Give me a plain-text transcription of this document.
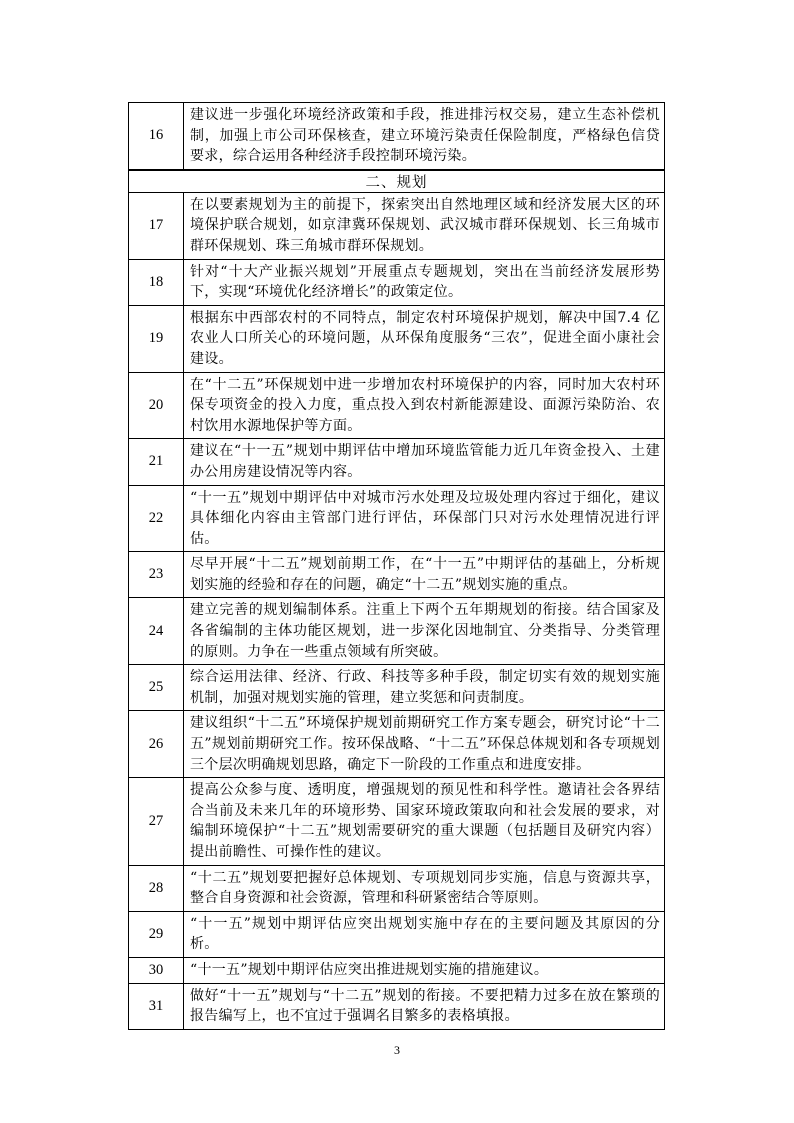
16	建议进一步强化环境经济政策和手段，推进排污权交易，建立生态补偿机制，加强上市公司环保核查，建立环境污染责任保险制度，严格绿色信贷要求，综合运用各种经济手段控制环境污染。
二、规划	
17	在以要素规划为主的前提下，探索突出自然地理区域和经济发展大区的环境保护联合规划，如京津冀环保规划、武汉城市群环保规划、长三角城市群环保规划、珠三角城市群环保规划。
18	针对“十大产业振兴规划”开展重点专题规划，突出在当前经济发展形势下，实现“环境优化经济增长”的政策定位。
19	根据东中西部农村的不同特点，制定农村环境保护规划，解决中国7.4 亿农业人口所关心的环境问题，从环保角度服务“三农”，促进全面小康社会建设。
20	在“十二五”环保规划中进一步增加农村环境保护的内容，同时加大农村环保专项资金的投入力度，重点投入到农村新能源建设、面源污染防治、农村饮用水源地保护等方面。
21	建议在“十一五”规划中期评估中增加环境监管能力近几年资金投入、土建办公用房建设情况等内容。
22	“十一五”规划中期评估中对城市污水处理及垃圾处理内容过于细化，建议具体细化内容由主管部门进行评估，环保部门只对污水处理情况进行评估。
23	尽早开展“十二五”规划前期工作，在“十一五”中期评估的基础上，分析规划实施的经验和存在的问题，确定“十二五”规划实施的重点。
24	建立完善的规划编制体系。注重上下两个五年期规划的衔接。结合国家及各省编制的主体功能区规划，进一步深化因地制宜、分类指导、分类管理的原则。力争在一些重点领域有所突破。
25	综合运用法律、经济、行政、科技等多种手段，制定切实有效的规划实施机制，加强对规划实施的管理，建立奖惩和问责制度。
26	建议组织“十二五”环境保护规划前期研究工作方案专题会，研究讨论“十二五”规划前期研究工作。按环保战略、“十二五”环保总体规划和各专项规划三个层次明确规划思路，确定下一阶段的工作重点和进度安排。
27	提高公众参与度、透明度，增强规划的预见性和科学性。邀请社会各界结合当前及未来几年的环境形势、国家环境政策取向和社会发展的要求，对编制环境保护“十二五”规划需要研究的重大课题（包括题目及研究内容）提出前瞻性、可操作性的建议。
28	“十二五”规划要把握好总体规划、专项规划同步实施，信息与资源共享，整合自身资源和社会资源，管理和科研紧密结合等原则。
29	“十一五”规划中期评估应突出规划实施中存在的主要问题及其原因的分析。
30	“十一五”规划中期评估应突出推进规划实施的措施建议。
31	做好“十一五”规划与“十二五”规划的衔接。不要把精力过多在放在繁琐的报告编写上，也不宜过于强调名目繁多的表格填报。
3
